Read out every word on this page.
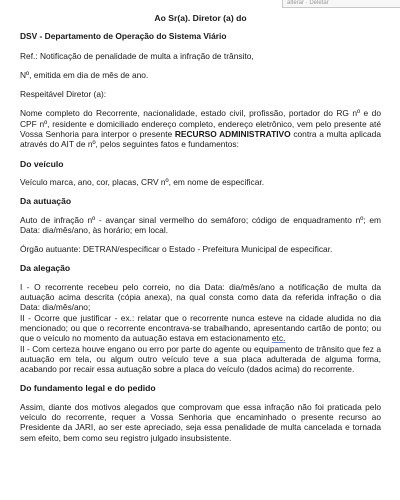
alterar · Deletar
Ao Sr(a). Diretor (a) do

DSV - Departamento de Operação do Sistema Viário

Ref.: Notificação de penalidade de multa a infração de trânsito,

Nº, emitida em dia de mês de ano.

Respeitável Diretor (a):

Nome completo do Recorrente, nacionalidade, estado civil, profissão, portador do RG nº e do CPF nº, residente e domiciliado endereço completo, endereço eletrônico, vem pelo presente até Vossa Senhoria para interpor o presente RECURSO ADMINISTRATIVO contra a multa aplicada através do AIT de nº, pelos seguintes fatos e fundamentos:

Do veículo

Veículo marca, ano, cor, placas, CRV nº, em nome de especificar.

Da autuação

Auto de infração nº - avançar sinal vermelho do semáforo; código de enquadramento nº; em Data: dia/mês/ano, às horário; em local.

Órgão autuante: DETRAN/especificar o Estado - Prefeitura Municipal de especificar.

Da alegação

I - O recorrente recebeu pelo correio, no dia Data: dia/mês/ano a notificação de multa da autuação acima descrita (cópia anexa), na qual consta como data da referida infração o dia Data: dia/mês/ano;

II - Ocorre que justificar - ex.: relatar que o recorrente nunca esteve na cidade aludida no dia mencionado; ou que o recorrente encontrava-se trabalhando, apresentando cartão de ponto; ou que o veículo no momento da autuação estava em estacionamento etc.

II - Com certeza houve engano ou erro por parte do agente ou equipamento de trânsito que fez a autuação em tela, ou algum outro veículo teve a sua placa adulterada de alguma forma, acabando por recair essa autuação sobre a placa do veículo (dados acima) do recorrente.

Do fundamento legal e do pedido

Assim, diante dos motivos alegados que comprovam que essa infração não foi praticada pelo veículo do recorrente, requer a Vossa Senhoria que encaminhado o presente recurso ao Presidente da JARI, ao ser este apreciado, seja essa penalidade de multa cancelada e tornada sem efeito, bem como seu registro julgado insubsistente.
